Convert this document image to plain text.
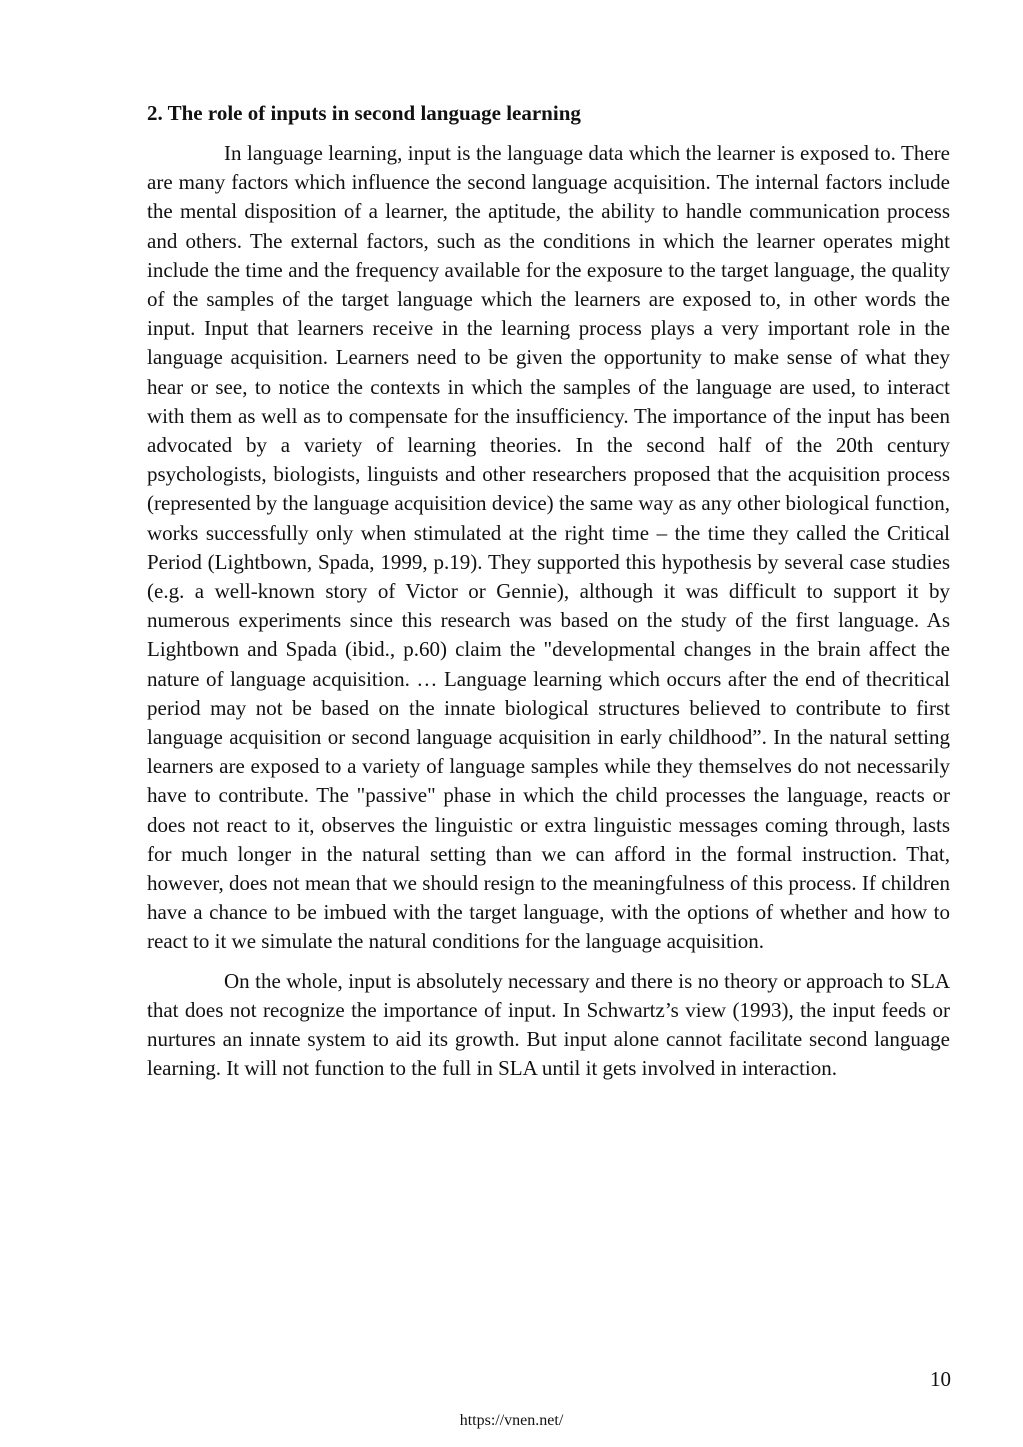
2. The role of inputs in second language learning

In language learning, input is the language data which the learner is exposed to. There are many factors which influence the second language acquisition. The internal factors include the mental disposition of a learner, the aptitude, the ability to handle communication process and others. The external factors, such as the conditions in which the learner operates might include the time and the frequency available for the exposure to the target language, the quality of the samples of the target language which the learners are exposed to, in other words the input. Input that learners receive in the learning process plays a very important role in the language acquisition. Learners need to be given the opportunity to make sense of what they hear or see, to notice the contexts in which the samples of the language are used, to interact with them as well as to compensate for the insufficiency. The importance of the input has been advocated by a variety of learning theories. In the second half of the 20th century psychologists, biologists, linguists and other researchers proposed that the acquisition process (represented by the language acquisition device) the same way as any other biological function, works successfully only when stimulated at the right time – the time they called the Critical Period (Lightbown, Spada, 1999, p.19). They supported this hypothesis by several case studies (e.g. a well-known story of Victor or Gennie), although it was difficult to support it by numerous experiments since this research was based on the study of the first language. As Lightbown and Spada (ibid., p.60) claim the "developmental changes in the brain affect the nature of language acquisition. … Language learning which occurs after the end of thecritical period may not be based on the innate biological structures believed to contribute to first language acquisition or second language acquisition in early childhood”. In the natural setting learners are exposed to a variety of language samples while they themselves do not necessarily have to contribute. The "passive" phase in which the child processes the language, reacts or does not react to it, observes the linguistic or extra linguistic messages coming through, lasts for much longer in the natural setting than we can afford in the formal instruction. That, however, does not mean that we should resign to the meaningfulness of this process. If children have a chance to be imbued with the target language, with the options of whether and how to react to it we simulate the natural conditions for the language acquisition.

On the whole, input is absolutely necessary and there is no theory or approach to SLA that does not recognize the importance of input. In Schwartz’s view (1993), the input feeds or nurtures an innate system to aid its growth. But input alone cannot facilitate second language learning. It will not function to the full in SLA until it gets involved in interaction.

10
https://vnen.net/
